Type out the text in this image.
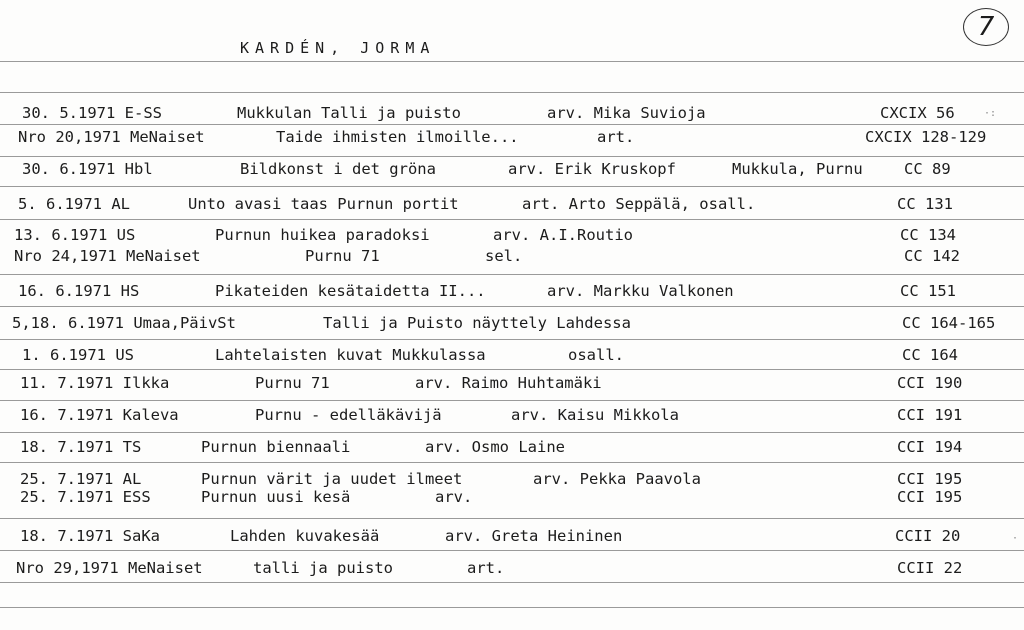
KARDÉN, JORMA
7
·:
30. 5.1971 E-SS	Mukkulan Talli ja puisto	arv. Mika Suvioja	CXCIX 56
Nro 20,1971 MeNaiset	Taide ihmisten ilmoille...	art.	CXCIX 128-129
30. 6.1971 Hbl	Bildkonst i det gröna	arv. Erik Kruskopf	Mukkula, Purnu	CC 89
5. 6.1971 AL	Unto avasi taas Purnun portit	art. Arto Seppälä, osall.	CC 131
13. 6.1971 US	Purnun huikea paradoksi	arv. A.I.Routio	CC 134
Nro 24,1971 MeNaiset	Purnu 71	sel.	CC 142
16. 6.1971 HS	Pikateiden kesätaidetta II...	arv. Markku Valkonen	CC 151
5,18. 6.1971 Umaa,PäivSt	Talli ja Puisto näyttely Lahdessa	CC 164-165
1. 6.1971 US	Lahtelaisten kuvat Mukkulassa	osall.	CC 164
11. 7.1971 Ilkka	Purnu 71	arv. Raimo Huhtamäki	CCI 190
16. 7.1971 Kaleva	Purnu - edelläkävijä	arv. Kaisu Mikkola	CCI 191
18. 7.1971 TS	Purnun biennaali	arv. Osmo Laine	CCI 194
25. 7.1971 AL	Purnun värit ja uudet ilmeet	arv. Pekka Paavola	CCI 195
25. 7.1971 ESS	Purnun uusi kesä	arv.	CCI 195
18. 7.1971 SaKa	Lahden kuvakesää	arv. Greta Heininen	CCII 20	·
Nro 29,1971 MeNaiset	talli ja puisto	art.	CCII 22
